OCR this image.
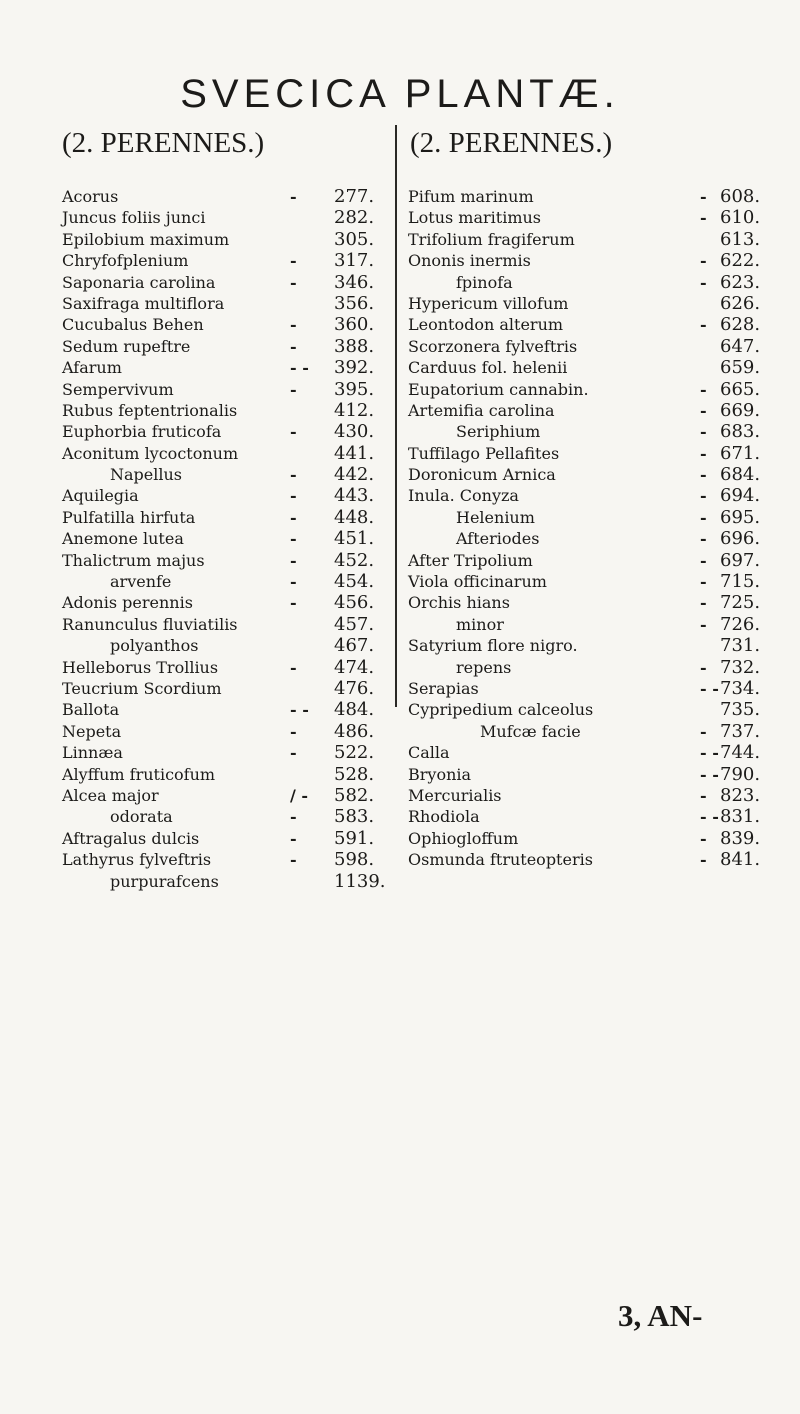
SVECICA PLANTÆ.
(2. PERENNES.)	(2. PERENNES.)
Acorus	- 277.
Juncus foliis junci	282.
Epilobium maximum	305.
Chryfofplenium	- 317.
Saponaria carolina	- 346.
Saxifraga multiflora	356.
Cucubalus Behen	- 360.
Sedum rupeftre	- 388.
Afarum	- - 392.
Sempervivum	- 395.
Rubus feptentrionalis	412.
Euphorbia fruticofa	- 430.
Aconitum lycoctonum	441.
Napellus	- 442.
Aquilegia	- 443.
Pulfatilla hirfuta	- 448.
Anemone lutea	- 451.
Thalictrum majus	- 452.
arvenfe	- 454.
Adonis perennis	- 456.
Ranunculus fluviatilis	457.
polyanthos	467.
Helleborus Trollius	- 474.
Teucrium Scordium	476.
Ballota	- - 484.
Nepeta	- 486.
Linnæa	- 522.
Alyffum fruticofum	528.
Alcea major	/ - 582.
odorata	- 583.
Aftragalus dulcis	- 591.
Lathyrus fylveftris	- 598.
purpurafcens	1139.
Pifum marinum	- 608.
Lotus maritimus	- 610.
Trifolium fragiferum	613.
Ononis inermis	- 622.
fpinofa	- 623.
Hypericum villofum	626.
Leontodon alterum	- 628.
Scorzonera fylveftris	647.
Carduus fol. helenii	659.
Eupatorium cannabin.	- 665.
Artemifia carolina	- 669.
Seriphium	- 683.
Tuffilago Pellafites	- 671.
Doronicum Arnica	- 684.
Inula. Conyza	- 694.
Helenium	- 695.
Afteriodes	- 696.
After Tripolium	- 697.
Viola officinarum	- 715.
Orchis hians	- 725.
minor	- 726.
Satyrium flore nigro.	731.
repens	- 732.
Serapias	- - 734.
Cypripedium calceolus	735.
Mufcæ facie	- 737.
Calla	- - 744.
Bryonia	- - 790.
Mercurialis	- 823.
Rhodiola	- - 831.
Ophiogloffum	- 839.
Osmunda ftruteopteris	- 841.
3, AN-
